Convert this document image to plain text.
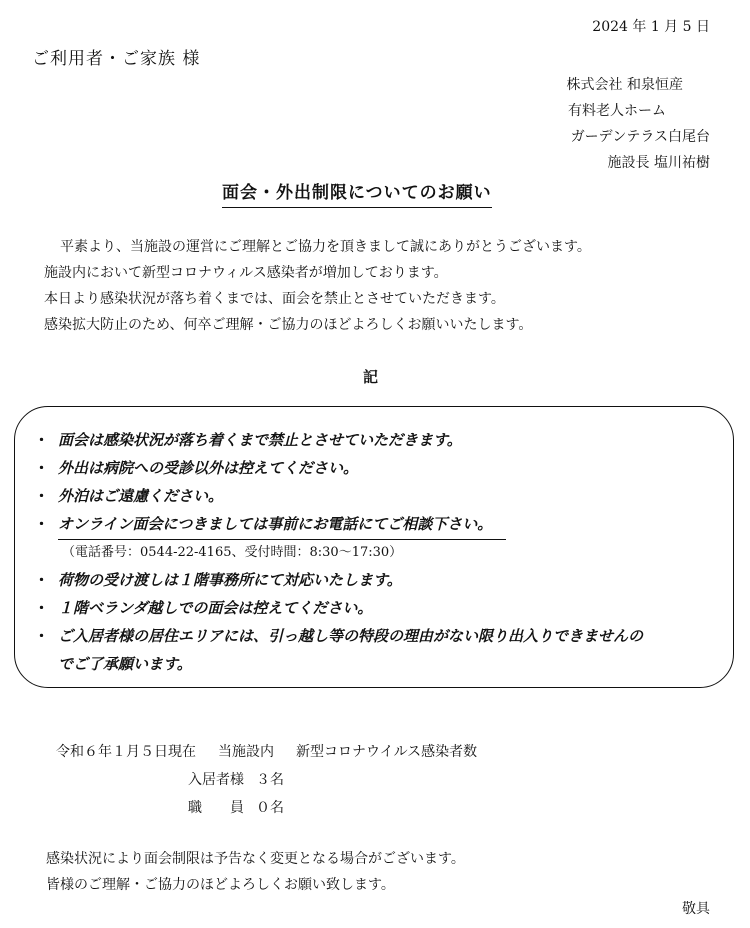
2024 年 1 月 5 日
ご利用者・ご家族 様
株式会社 和泉恒産
有料老人ホーム
ガーデンテラス白尾台
施設長 塩川祐樹
面会・外出制限についてのお願い
平素より、当施設の運営にご理解とご協力を頂きまして誠にありがとうございます。
施設内において新型コロナウィルス感染者が増加しております。
本日より感染状況が落ち着くまでは、面会を禁止とさせていただきます。
感染拡大防止のため、何卒ご理解・ご協力のほどよろしくお願いいたします。
記
・ 面会は感染状況が落ち着くまで禁止とさせていただきます。
・ 外出は病院への受診以外は控えてください。
・ 外泊はご遠慮ください。
・ オンライン面会につきましては事前にお電話にてご相談下さい。
（電話番号：0544-22-4165、受付時間：8:30～17:30）
・ 荷物の受け渡しは１階事務所にて対応いたします。
・ １階ベランダ越しでの面会は控えてください。
・ ご入居者様の居住エリアには、引っ越し等の特段の理由がない限り出入りできませんの
でご了承願います。
令和６年１月５日現在 当施設内 新型コロナウイルス感染者数
入居者様 ３名
職　　員 ０名
感染状況により面会制限は予告なく変更となる場合がございます。
皆様のご理解・ご協力のほどよろしくお願い致します。
敬具
